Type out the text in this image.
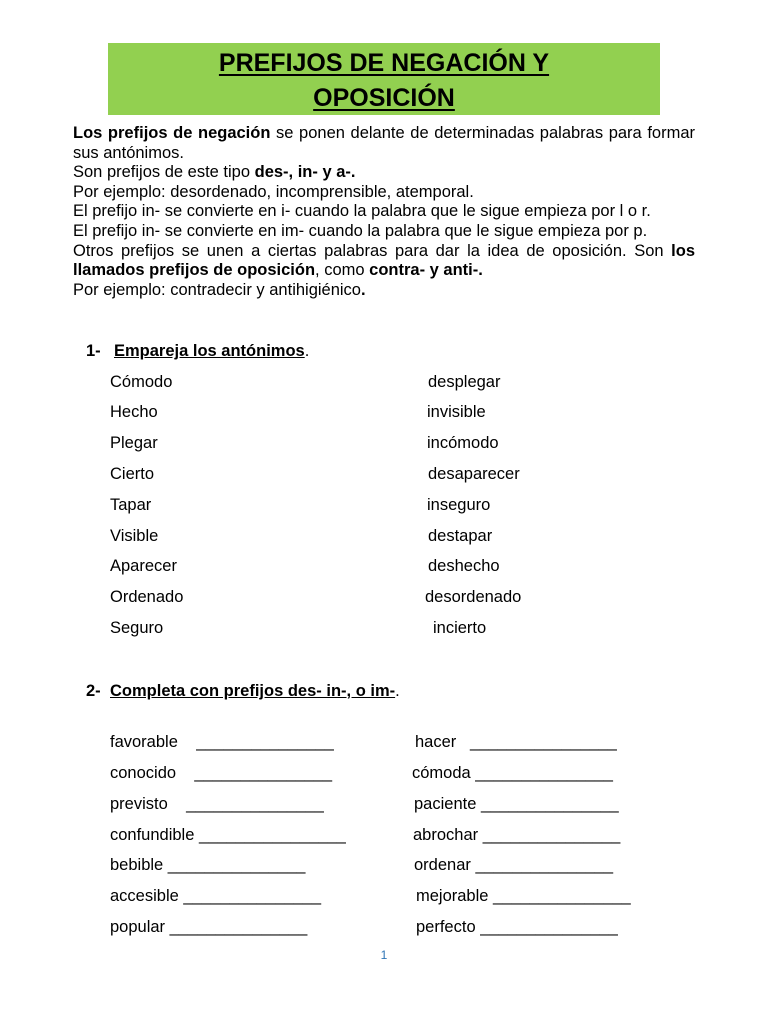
PREFIJOS DE NEGACIÓN Y
OPOSICIÓN

Los prefijos de negación se ponen delante de determinadas palabras para formar sus antónimos.

Son prefijos de este tipo des-, in- y a-.

Por ejemplo: desordenado, incomprensible, atemporal.

El prefijo in- se convierte en i- cuando la palabra que le sigue empieza por l o r.

El prefijo in- se convierte en im- cuando la palabra que le sigue empieza por p.

Otros prefijos se unen a ciertas palabras para dar la idea de oposición. Son los llamados prefijos de oposición, como contra- y anti-.

Por ejemplo: contradecir y antihigiénico.

1- Empareja los antónimos.
Cómodo
Hecho
Plegar
Cierto
Tapar
Visible
Aparecer
Ordenado
Seguro
desplegar
invisible
incómodo
desaparecer
inseguro
destapar
deshecho
desordenado
incierto
2- Completa con prefijos des- in-, o im-.
favorable    _______________
conocido    _______________
previsto    _______________
confundible ________________
bebible _______________
accesible _______________
popular _______________
hacer   ________________
cómoda _______________
paciente _______________
abrochar _______________
ordenar _______________
mejorable _______________
perfecto _______________
1
